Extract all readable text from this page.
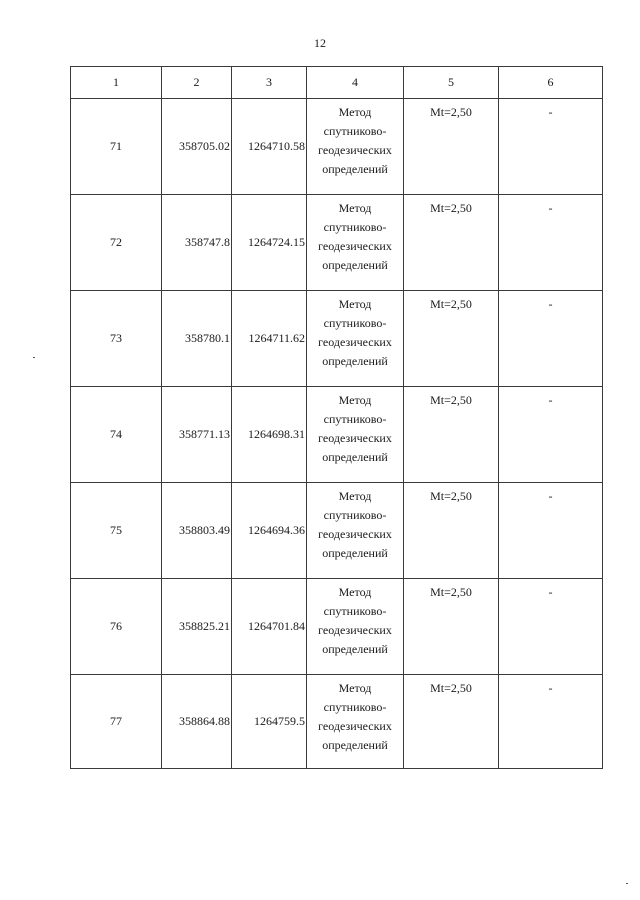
12
1	2	3	4	5	6
71	358705.02	1264710.58	Метод
спутниково-
геодезических
определений	Mt=2,50	-
72	358747.8	1264724.15	Метод
спутниково-
геодезических
определений	Mt=2,50	-
73	358780.1	1264711.62	Метод
спутниково-
геодезических
определений	Mt=2,50	-
74	358771.13	1264698.31	Метод
спутниково-
геодезических
определений	Mt=2,50	-
75	358803.49	1264694.36	Метод
спутниково-
геодезических
определений	Mt=2,50	-
76	358825.21	1264701.84	Метод
спутниково-
геодезических
определений	Mt=2,50	-
77	358864.88	1264759.5	Метод
спутниково-
геодезических
определений	Mt=2,50	-
